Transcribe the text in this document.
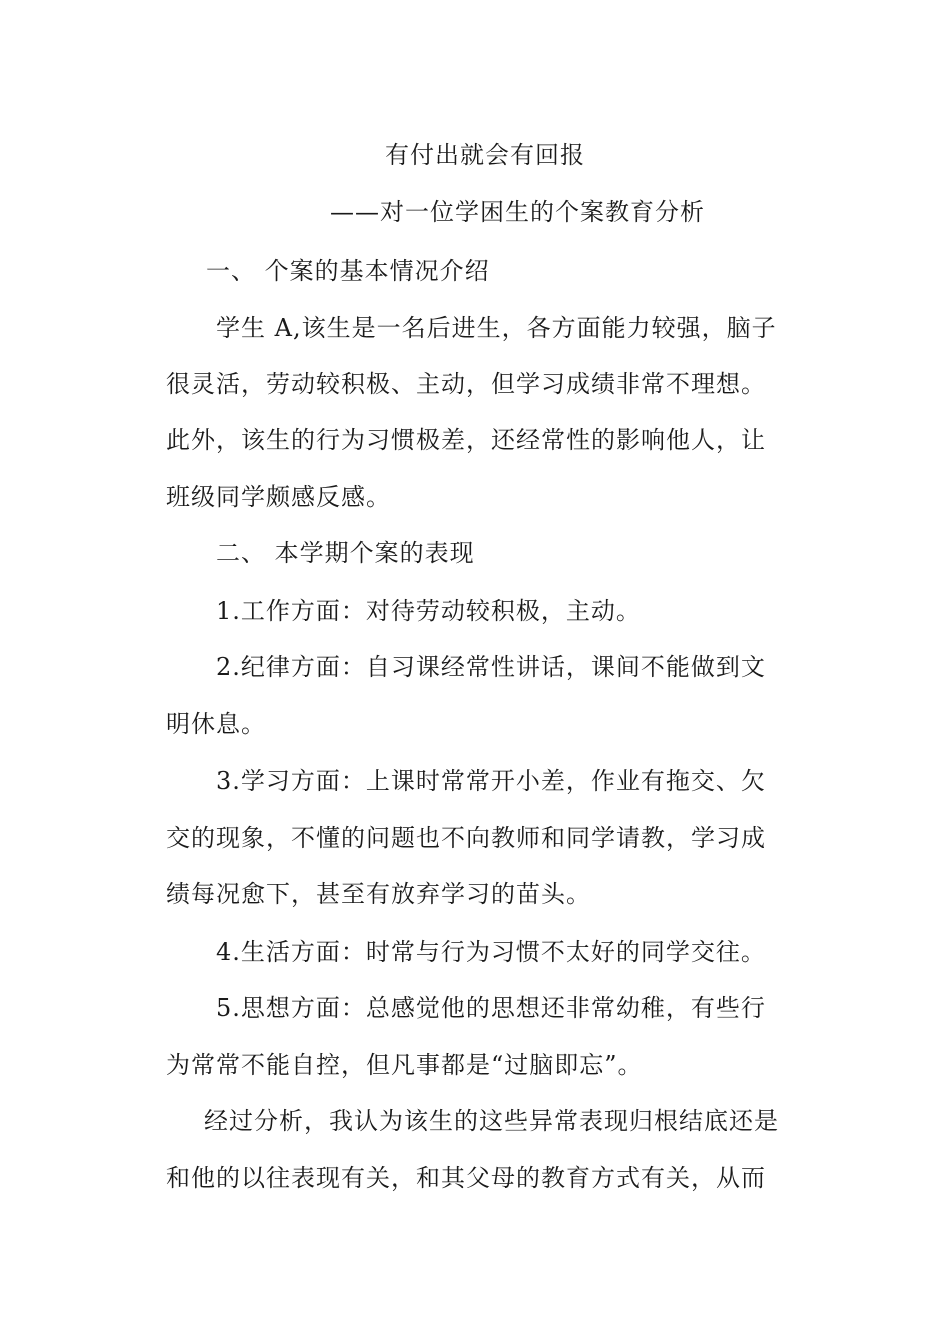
有付出就会有回报
——对一位学困生的个案教育分析
一、 个案的基本情况介绍
学生 A,该生是一名后进生，各方面能力较强，脑子
很灵活，劳动较积极、主动，但学习成绩非常不理想。
此外，该生的行为习惯极差，还经常性的影响他人，让
班级同学颇感反感。
二、 本学期个案的表现
1.工作方面：对待劳动较积极，主动。
2.纪律方面：自习课经常性讲话，课间不能做到文
明休息。
3.学习方面：上课时常常开小差，作业有拖交、欠
交的现象，不懂的问题也不向教师和同学请教，学习成
绩每况愈下，甚至有放弃学习的苗头。
4.生活方面：时常与行为习惯不太好的同学交往。
5.思想方面：总感觉他的思想还非常幼稚，有些行
为常常不能自控，但凡事都是“过脑即忘”。
经过分析，我认为该生的这些异常表现归根结底还是
和他的以往表现有关，和其父母的教育方式有关，从而
